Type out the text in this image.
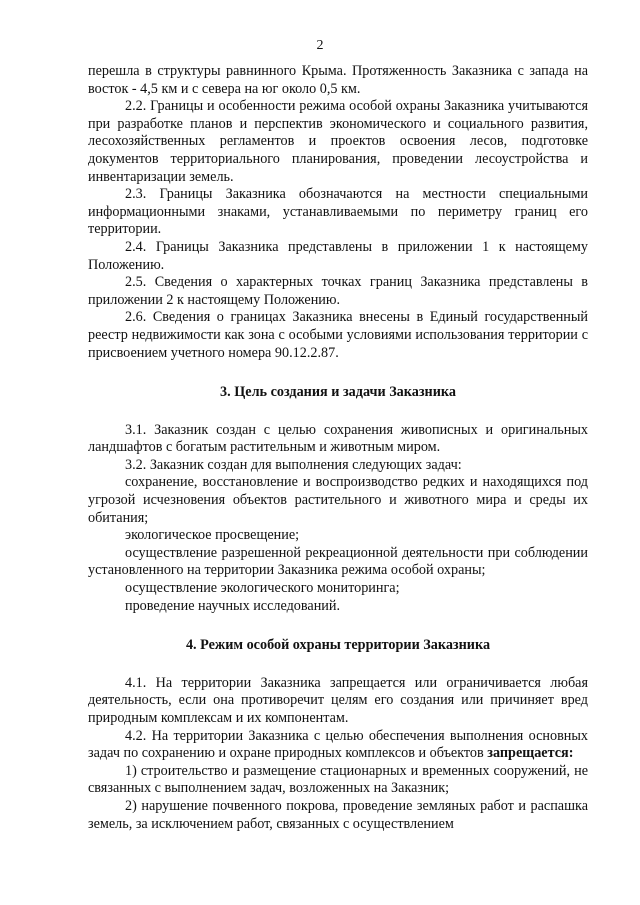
2

перешла в структуры равнинного Крыма. Протяженность Заказника с запада на восток - 4,5 км и с севера на юг около 0,5 км.

2.2. Границы и особенности режима особой охраны Заказника учитываются при разработке планов и перспектив экономического и социального развития, лесохозяйственных регламентов и проектов освоения лесов, подготовке документов территориального планирования, проведении лесоустройства и инвентаризации земель.

2.3. Границы Заказника обозначаются на местности специальными информационными знаками, устанавливаемыми по периметру границ его территории.

2.4. Границы Заказника представлены в приложении 1 к настоящему Положению.

2.5. Сведения о характерных точках границ Заказника представлены в приложении 2 к настоящему Положению.

2.6. Сведения о границах Заказника внесены в Единый государственный реестр недвижимости как зона с особыми условиями использования территории с присвоением учетного номера 90.12.2.87.

3. Цель создания и задачи Заказника

3.1. Заказник создан с целью сохранения живописных и оригинальных ландшафтов с богатым растительным и животным миром.

3.2. Заказник создан для выполнения следующих задач:

сохранение, восстановление и воспроизводство редких и находящихся под угрозой исчезновения объектов растительного и животного мира и среды их обитания;

экологическое просвещение;

осуществление разрешенной рекреационной деятельности при соблюдении установленного на территории Заказника режима особой охраны;

осуществление экологического мониторинга;

проведение научных исследований.

4. Режим особой охраны территории Заказника

4.1. На территории Заказника запрещается или ограничивается любая деятельность, если она противоречит целям его создания или причиняет вред природным комплексам и их компонентам.

4.2. На территории Заказника с целью обеспечения выполнения основных задач по сохранению и охране природных комплексов и объектов запрещается:

1) строительство и размещение стационарных и временных сооружений, не связанных с выполнением задач, возложенных на Заказник;

2) нарушение почвенного покрова, проведение земляных работ и распашка земель, за исключением работ, связанных с осуществлением
